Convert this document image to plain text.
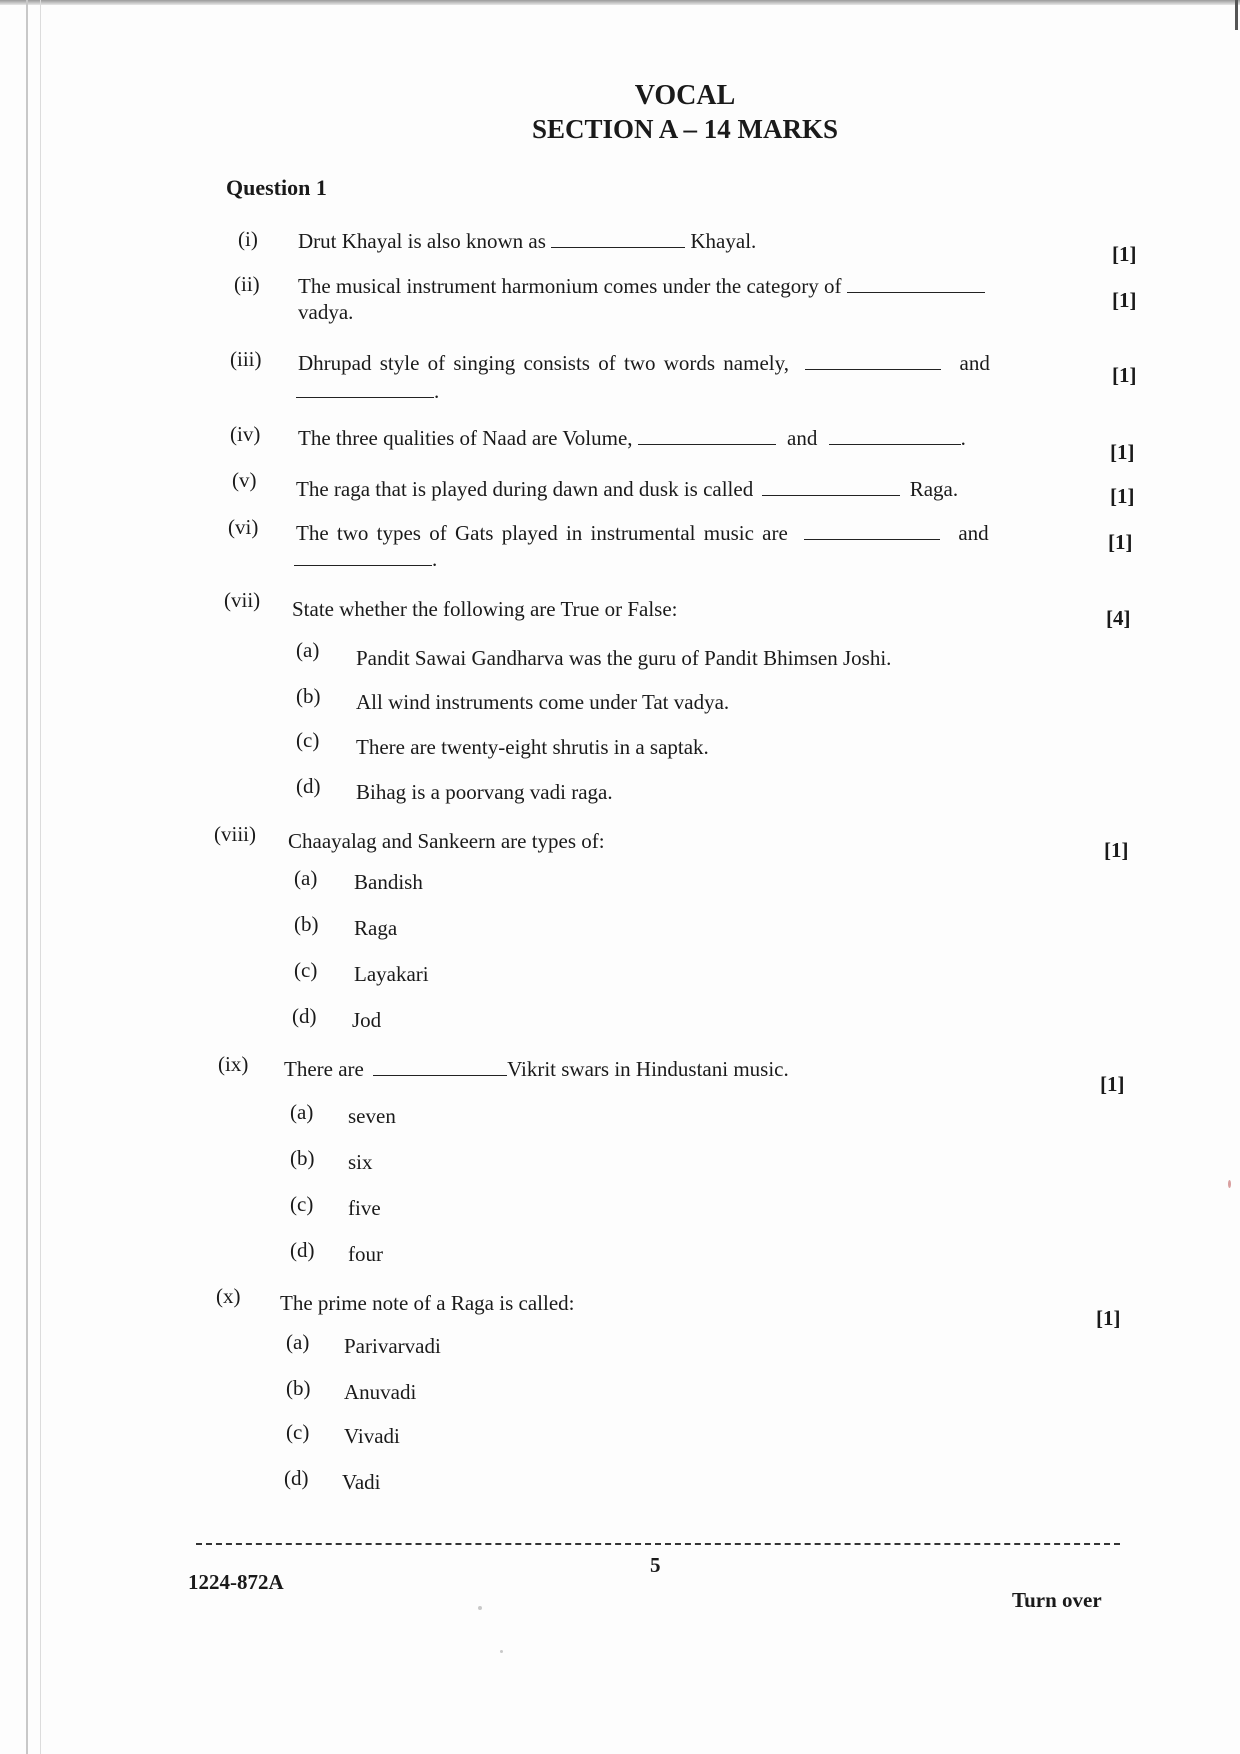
VOCAL
SECTION A – 14 MARKS
Question 1
(i) Drut Khayal is also known as	Khayal.
[1]
(ii) The musical instrument harmonium comes under the category of
vadya.	[1]
(iii) Dhrupad style of singing consists of two words namely,	and
.
[1]
(iv) The three qualities of Naad are Volume,	and	.
[1]
(v) The raga that is played during dawn and dusk is called	Raga.	[1]
(vi) The two types of Gats played in instrumental music are	and
.
[1]
(vii) State whether the following are True or False:	[4]
(a) Pandit Sawai Gandharva was the guru of Pandit Bhimsen Joshi.
(b) All wind instruments come under Tat vadya.
(c) There are twenty-eight shrutis in a saptak.
(d) Bihag is a poorvang vadi raga.
(viii) Chaayalag and Sankeern are types of:	[1]
(a) Bandish
(b) Raga
(c) Layakari
(d) Jod
(ix) There are	Vikrit swars in Hindustani music.
[1]
(a) seven
(b) six
(c) five
(d) four
(x) The prime note of a Raga is called:
[1]
(a) Parivarvadi
(b) Anuvadi
(c) Vivadi
(d) Vadi
5
1224-872A
Turn over
